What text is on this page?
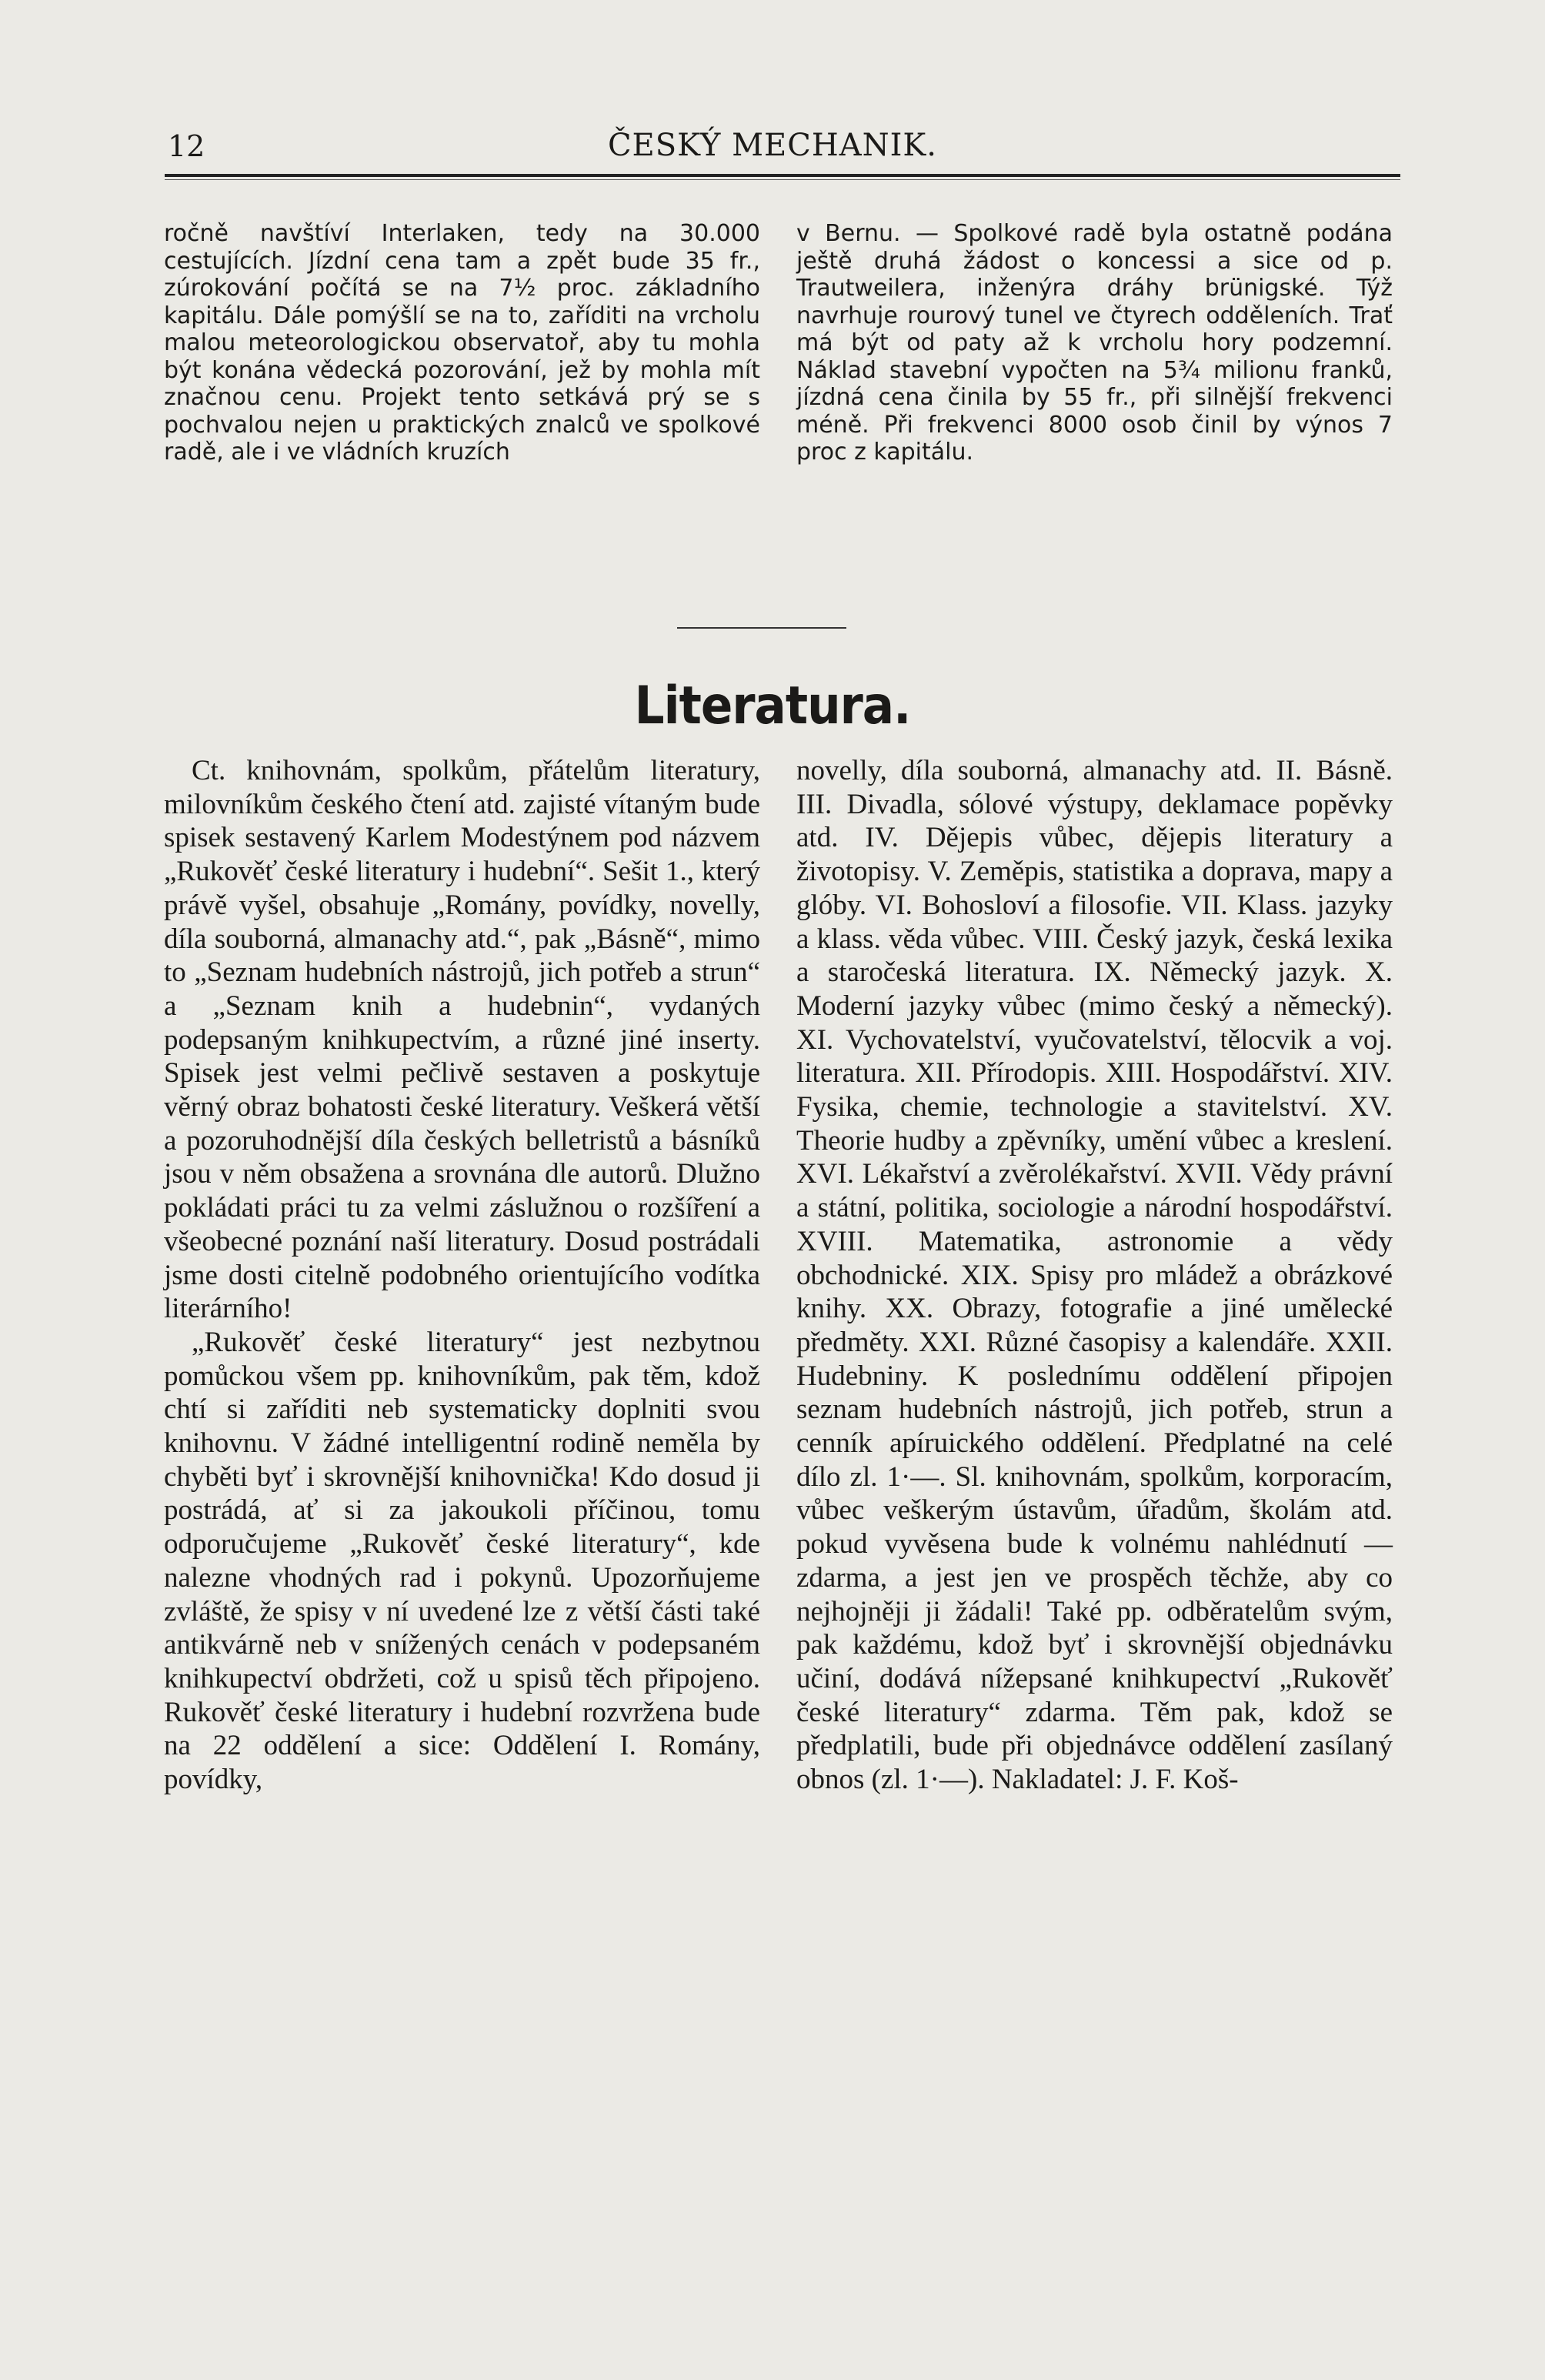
12	ČESKÝ MECHANIK.

ročně navštíví Interlaken, tedy na 30.000 cestujících. Jízdní cena tam a zpět bude 35 fr., zúrokování počítá se na 7½ proc. základního kapitálu. Dále pomýšlí se na to, zaříditi na vrcholu malou meteorologickou observatoř, aby tu mohla být konána vědecká pozorování, jež by mohla mít značnou cenu. Projekt tento setkává prý se s pochvalou nejen u praktických znalců ve spolkové radě, ale i ve vládních kruzích

v Bernu. — Spolkové radě byla ostatně podána ještě druhá žádost o koncessi a sice od p. Trautweilera, inženýra dráhy brünigské. Týž navrhuje rourový tunel ve čtyrech odděleních. Trať má být od paty až k vrcholu hory podzemní. Náklad stavební vypočten na 5¾ milionu franků, jízdná cena činila by 55 fr., při silnější frekvenci méně. Při frekvenci 8000 osob činil by výnos 7 proc z kapitálu.

Literatura.

Ct. knihovnám, spolkům, přátelům literatury, milovníkům českého čtení atd. zajisté vítaným bude spisek sestavený Karlem Modestýnem pod názvem „Rukověť české literatury i hudební“. Sešit 1., který právě vyšel, obsahuje „Romány, povídky, novelly, díla souborná, almanachy atd.“, pak „Básně“, mimo to „Seznam hudebních nástrojů, jich potřeb a strun“ a „Seznam knih a hudebnin“, vydaných podepsaným knihkupectvím, a různé jiné inserty. Spisek jest velmi pečlivě sestaven a poskytuje věrný obraz bohatosti české literatury. Veškerá větší a pozoruhodnější díla českých belletristů a básníků jsou v něm obsažena a srovnána dle autorů. Dlužno pokládati práci tu za velmi záslužnou o rozšíření a všeobecné poznání naší literatury. Dosud postrádali jsme dosti citelně podobného orientujícího vodítka literárního!

„Rukověť české literatury“ jest nezbytnou pomůckou všem pp. knihovníkům, pak těm, kdož chtí si zaříditi neb systematicky doplniti svou knihovnu. V žádné intelligentní rodině neměla by chyběti byť i skrovnější knihovnička! Kdo dosud ji postrádá, ať si za jakoukoli příčinou, tomu odporučujeme „Rukověť české literatury“, kde nalezne vhodných rad i pokynů. Upozorňujeme zvláště, že spisy v ní uvedené lze z větší části také antikvárně neb v snížených cenách v podepsaném knihkupectví obdržeti, což u spisů těch připojeno. Rukověť české literatury i hudební rozvržena bude na 22 oddělení a sice: Oddělení I. Romány, povídky,

novelly, díla souborná, almanachy atd. II. Básně. III. Divadla, sólové výstupy, deklamace popěvky atd. IV. Dějepis vůbec, dějepis literatury a životopisy. V. Zeměpis, statistika a doprava, mapy a glóby. VI. Bohosloví a filosofie. VII. Klass. jazyky a klass. věda vůbec. VIII. Český jazyk, česká lexika a staročeská literatura. IX. Německý jazyk. X. Moderní jazyky vůbec (mimo český a německý). XI. Vychovatelství, vyučovatelství, tělocvik a voj. literatura. XII. Přírodopis. XIII. Hospodářství. XIV. Fysika, chemie, technologie a stavitelství. XV. Theorie hudby a zpěvníky, umění vůbec a kreslení. XVI. Lékařství a zvěrolékařství. XVII. Vědy právní a státní, politika, sociologie a národní hospodářství. XVIII. Matematika, astronomie a vědy obchodnické. XIX. Spisy pro mládež a obrázkové knihy. XX. Obrazy, fotografie a jiné umělecké předměty. XXI. Různé časopisy a kalendáře. XXII. Hudebniny. K poslednímu oddělení připojen seznam hudebních nástrojů, jich potřeb, strun a cenník apíruického oddělení. Předplatné na celé dílo zl. 1·—. Sl. knihovnám, spolkům, korporacím, vůbec veškerým ústavům, úřadům, školám atd. pokud vyvěsena bude k volnému nahlédnutí — zdarma, a jest jen ve prospěch těchže, aby co nejhojněji ji žádali! Také pp. odběratelům svým, pak každému, kdož byť i skrovnější objednávku učiní, dodává nížepsané knihkupectví „Rukověť české literatury“ zdarma. Těm pak, kdož se předplatili, bude při objednávce oddělení zasílaný obnos (zl. 1·—). Nakladatel: J. F. Koš-
